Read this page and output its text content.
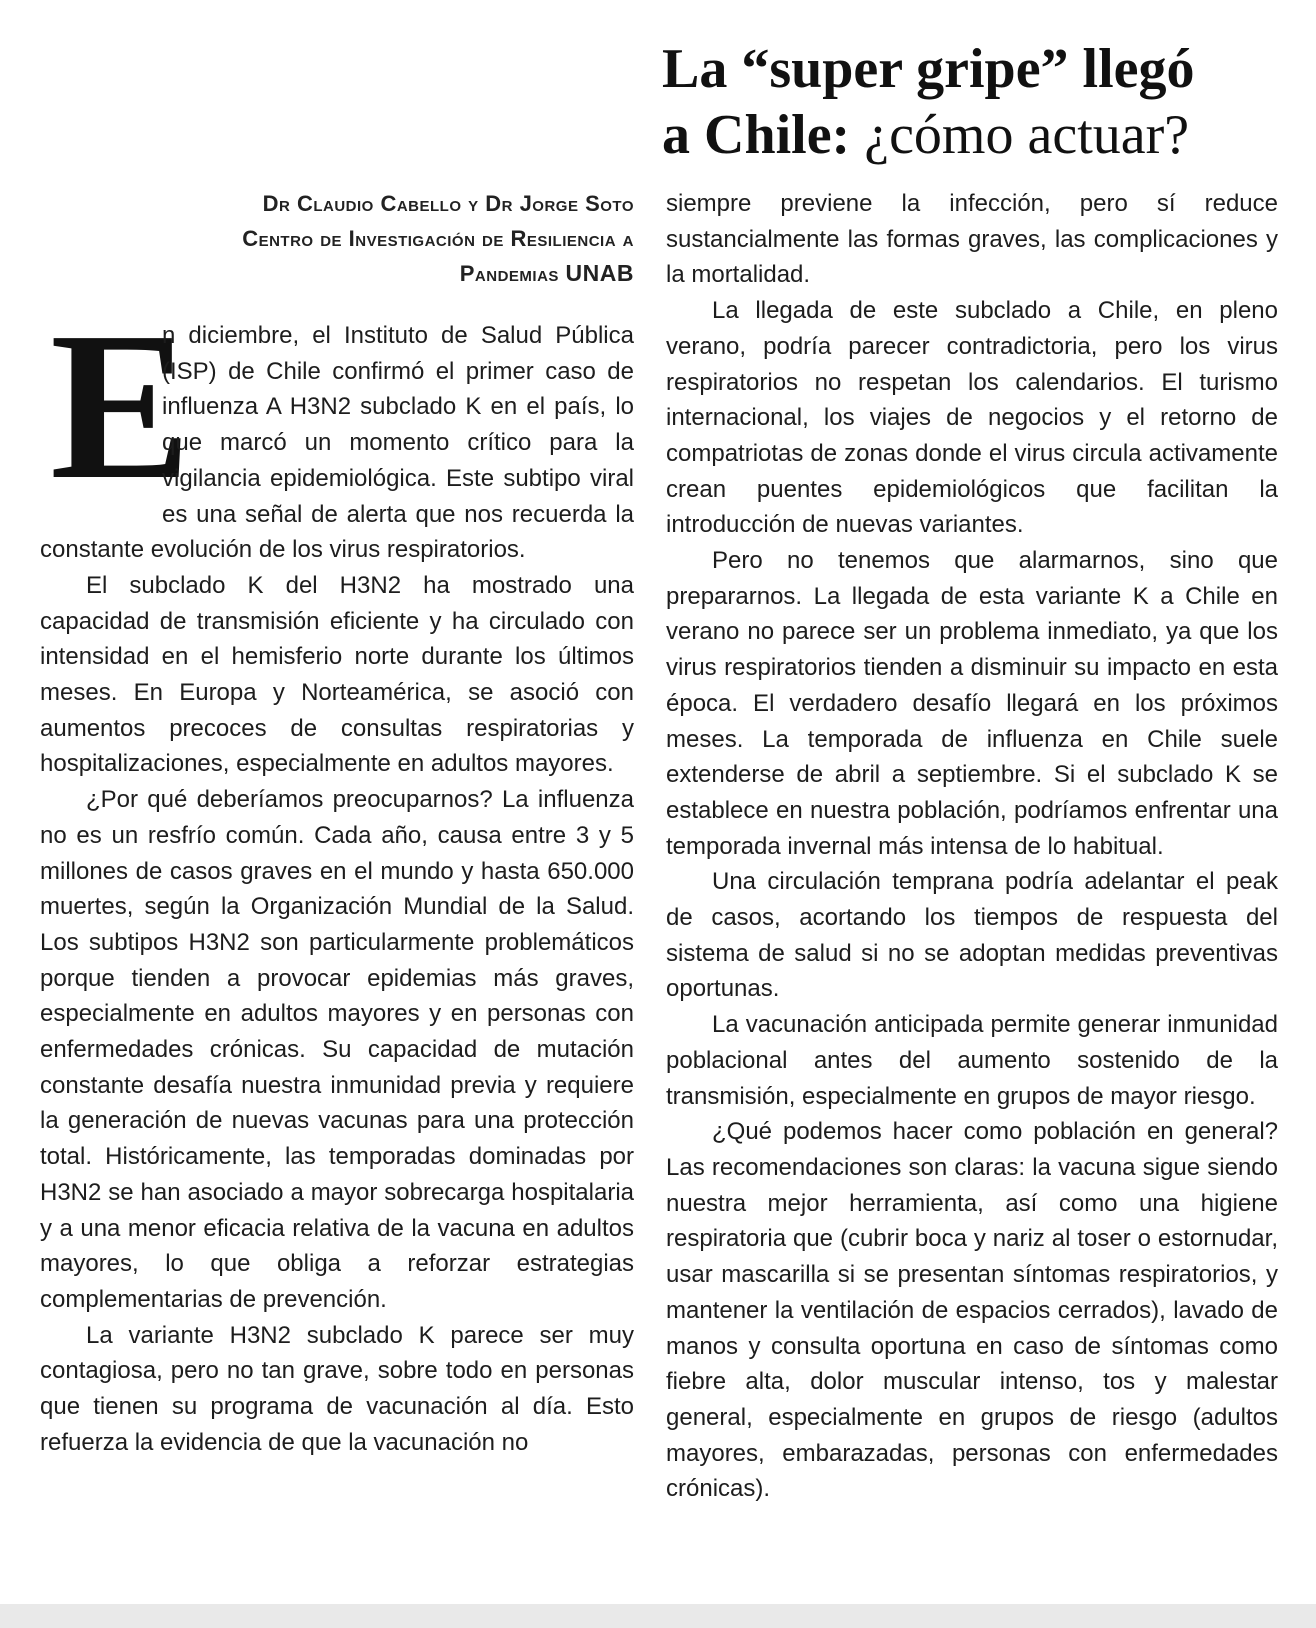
La “super gripe” llegó
a Chile: ¿cómo actuar?
Dr Claudio Cabello y Dr Jorge Soto
Centro de Investigación de Resiliencia a
Pandemias UNAB

E
n diciembre, el Instituto de Salud Pública (ISP) de Chile confirmó el primer caso de influenza A H3N2 subclado K en el país, lo que marcó un momento crítico para la vigilancia epidemiológica. Este subtipo viral es una señal de alerta que nos recuerda la constante evolución de los virus respiratorios.

El subclado K del H3N2 ha mostrado una capacidad de transmisión eficiente y ha circulado con intensidad en el hemisferio norte durante los últimos meses. En Europa y Norteamérica, se asoció con aumentos precoces de consultas respiratorias y hospitalizaciones, especialmente en adultos mayores.

¿Por qué deberíamos preocuparnos? La influenza no es un resfrío común. Cada año, causa entre 3 y 5 millones de casos graves en el mundo y hasta 650.000 muertes, según la Organización Mundial de la Salud. Los subtipos H3N2 son particularmente problemáticos porque tienden a provocar epidemias más graves, especialmente en adultos mayores y en personas con enfermedades crónicas. Su capacidad de mutación constante desafía nuestra inmunidad previa y requiere la generación de nuevas vacunas para una protección total. Históricamente, las temporadas dominadas por H3N2 se han asociado a mayor sobrecarga hospitalaria y a una menor eficacia relativa de la vacuna en adultos mayores, lo que obliga a reforzar estrategias complementarias de prevención.

La variante H3N2 subclado K parece ser muy contagiosa, pero no tan grave, sobre todo en personas que tienen su programa de vacunación al día. Esto refuerza la evidencia de que la vacunación no

siempre previene la infección, pero sí reduce sustancialmente las formas graves, las complicaciones y la mortalidad.

La llegada de este subclado a Chile, en pleno verano, podría parecer contradictoria, pero los virus respiratorios no respetan los calendarios. El turismo internacional, los viajes de negocios y el retorno de compatriotas de zonas donde el virus circula activamente crean puentes epidemiológicos que facilitan la introducción de nuevas variantes.

Pero no tenemos que alarmarnos, sino que prepararnos. La llegada de esta variante K a Chile en verano no parece ser un problema inmediato, ya que los virus respiratorios tienden a disminuir su impacto en esta época. El verdadero desafío llegará en los próximos meses. La temporada de influenza en Chile suele extenderse de abril a septiembre. Si el subclado K se establece en nuestra población, podríamos enfrentar una temporada invernal más intensa de lo habitual.

Una circulación temprana podría adelantar el peak de casos, acortando los tiempos de respuesta del sistema de salud si no se adoptan medidas preventivas oportunas.

La vacunación anticipada permite generar inmunidad poblacional antes del aumento sostenido de la transmisión, especialmente en grupos de mayor riesgo.

¿Qué podemos hacer como población en general? Las recomendaciones son claras: la vacuna sigue siendo nuestra mejor herramienta, así como una higiene respiratoria que (cubrir boca y nariz al toser o estornudar, usar mascarilla si se presentan síntomas respiratorios, y mantener la ventilación de espacios cerrados), lavado de manos y consulta oportuna en caso de síntomas como fiebre alta, dolor muscular intenso, tos y malestar general, especialmente en grupos de riesgo (adultos mayores, embarazadas, personas con enfermedades crónicas).
